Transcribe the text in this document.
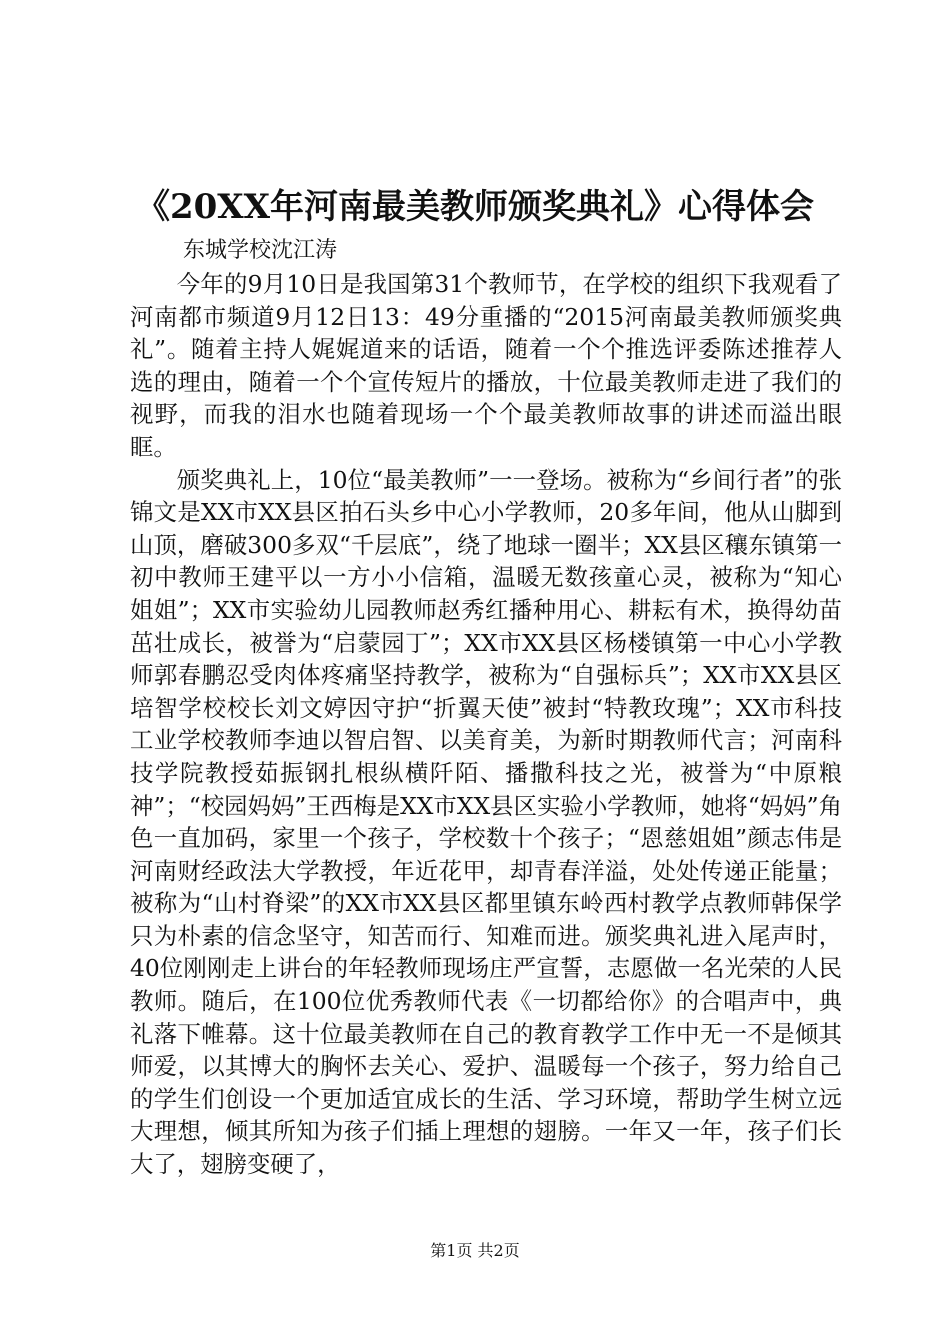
《20XX年河南最美教师颁奖典礼》心得体会

东城学校沈江涛

今年的9月10日是我国第31个教师节，在学校的组织下我观看了河南都市频道9月12日13：49分重播的“2015河南最美教师颁奖典礼”。随着主持人娓娓道来的话语，随着一个个推选评委陈述推荐人选的理由，随着一个个宣传短片的播放，十位最美教师走进了我们的视野，而我的泪水也随着现场一个个最美教师故事的讲述而溢出眼眶。

颁奖典礼上，10位“最美教师”一一登场。被称为“乡间行者”的张锦文是XX市XX县区拍石头乡中心小学教师，20多年间，他从山脚到山顶，磨破300多双“千层底”，绕了地球一圈半；XX县区穰东镇第一初中教师王建平以一方小小信箱，温暖无数孩童心灵，被称为“知心姐姐”；XX市实验幼儿园教师赵秀红播种用心、耕耘有术，换得幼苗茁壮成长，被誉为“启蒙园丁”；XX市XX县区杨楼镇第一中心小学教师郭春鹏忍受肉体疼痛坚持教学，被称为“自强标兵”；XX市XX县区培智学校校长刘文婷因守护“折翼天使”被封“特教玫瑰”；XX市科技工业学校教师李迪以智启智、以美育美，为新时期教师代言；河南科技学院教授茹振钢扎根纵横阡陌、播撒科技之光，被誉为“中原粮神”；“校园妈妈”王西梅是XX市XX县区实验小学教师，她将“妈妈”角色一直加码，家里一个孩子，学校数十个孩子；“恩慈姐姐”颜志伟是河南财经政法大学教授，年近花甲，却青春洋溢，处处传递正能量；被称为“山村脊梁”的XX市XX县区都里镇东岭西村教学点教师韩保学只为朴素的信念坚守，知苦而行、知难而进。颁奖典礼进入尾声时，40位刚刚走上讲台的年轻教师现场庄严宣誓，志愿做一名光荣的人民教师。随后，在100位优秀教师代表《一切都给你》的合唱声中，典礼落下帷幕。这十位最美教师在自己的教育教学工作中无一不是倾其师爱，以其博大的胸怀去关心、爱护、温暖每一个孩子，努力给自己的学生们创设一个更加适宜成长的生活、学习环境，帮助学生树立远大理想，倾其所知为孩子们插上理想的翅膀。一年又一年，孩子们长大了，翅膀变硬了，

第1页 共2页
